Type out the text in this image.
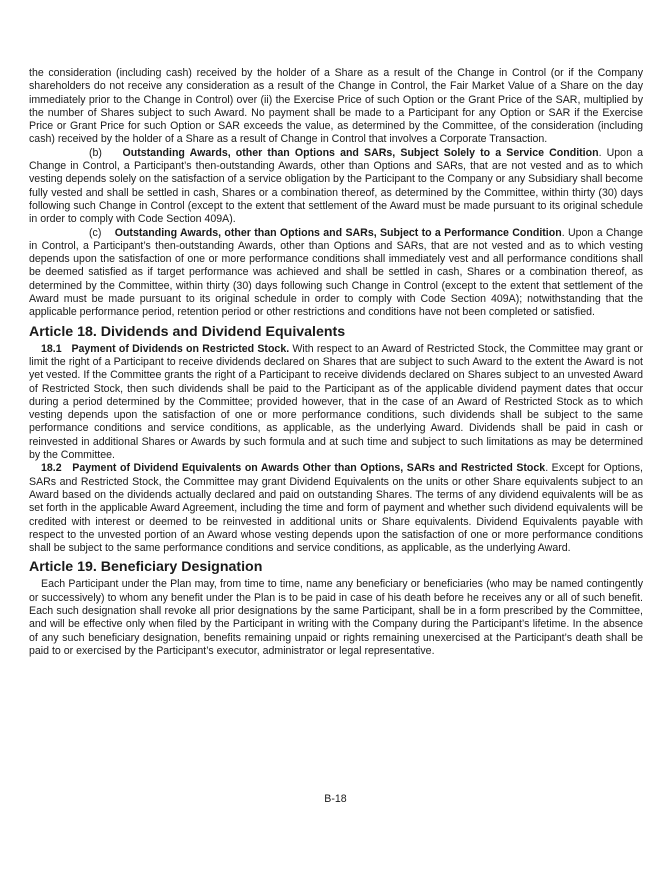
the consideration (including cash) received by the holder of a Share as a result of the Change in Control (or if the Company shareholders do not receive any consideration as a result of the Change in Control, the Fair Market Value of a Share on the day immediately prior to the Change in Control) over (ii) the Exercise Price of such Option or the Grant Price of the SAR, multiplied by the number of Shares subject to such Award. No payment shall be made to a Participant for any Option or SAR if the Exercise Price or Grant Price for such Option or SAR exceeds the value, as determined by the Committee, of the consideration (including cash) received by the holder of a Share as a result of Change in Control that involves a Corporate Transaction.

(b) Outstanding Awards, other than Options and SARs, Subject Solely to a Service Condition. Upon a Change in Control, a Participant’s then-outstanding Awards, other than Options and SARs, that are not vested and as to which vesting depends solely on the satisfaction of a service obligation by the Participant to the Company or any Subsidiary shall become fully vested and shall be settled in cash, Shares or a combination thereof, as determined by the Committee, within thirty (30) days following such Change in Control (except to the extent that settlement of the Award must be made pursuant to its original schedule in order to comply with Code Section 409A).

(c) Outstanding Awards, other than Options and SARs, Subject to a Performance Condition. Upon a Change in Control, a Participant’s then-outstanding Awards, other than Options and SARs, that are not vested and as to which vesting depends upon the satisfaction of one or more performance conditions shall immediately vest and all performance conditions shall be deemed satisfied as if target performance was achieved and shall be settled in cash, Shares or a combination thereof, as determined by the Committee, within thirty (30) days following such Change in Control (except to the extent that settlement of the Award must be made pursuant to its original schedule in order to comply with Code Section 409A); notwithstanding that the applicable performance period, retention period or other restrictions and conditions have not been completed or satisfied.

Article 18. Dividends and Dividend Equivalents

18.1 Payment of Dividends on Restricted Stock. With respect to an Award of Restricted Stock, the Committee may grant or limit the right of a Participant to receive dividends declared on Shares that are subject to such Award to the extent the Award is not yet vested. If the Committee grants the right of a Participant to receive dividends declared on Shares subject to an unvested Award of Restricted Stock, then such dividends shall be paid to the Participant as of the applicable dividend payment dates that occur during a period determined by the Committee; provided however, that in the case of an Award of Restricted Stock as to which vesting depends upon the satisfaction of one or more performance conditions, such dividends shall be subject to the same performance conditions and service conditions, as applicable, as the underlying Award. Dividends shall be paid in cash or reinvested in additional Shares or Awards by such formula and at such time and subject to such limitations as may be determined by the Committee.

18.2 Payment of Dividend Equivalents on Awards Other than Options, SARs and Restricted Stock. Except for Options, SARs and Restricted Stock, the Committee may grant Dividend Equivalents on the units or other Share equivalents subject to an Award based on the dividends actually declared and paid on outstanding Shares. The terms of any dividend equivalents will be as set forth in the applicable Award Agreement, including the time and form of payment and whether such dividend equivalents will be credited with interest or deemed to be reinvested in additional units or Share equivalents. Dividend Equivalents payable with respect to the unvested portion of an Award whose vesting depends upon the satisfaction of one or more performance conditions shall be subject to the same performance conditions and service conditions, as applicable, as the underlying Award.

Article 19. Beneficiary Designation

Each Participant under the Plan may, from time to time, name any beneficiary or beneficiaries (who may be named contingently or successively) to whom any benefit under the Plan is to be paid in case of his death before he receives any or all of such benefit. Each such designation shall revoke all prior designations by the same Participant, shall be in a form prescribed by the Committee, and will be effective only when filed by the Participant in writing with the Company during the Participant’s lifetime. In the absence of any such beneficiary designation, benefits remaining unpaid or rights remaining unexercised at the Participant’s death shall be paid to or exercised by the Participant’s executor, administrator or legal representative.

B-18
